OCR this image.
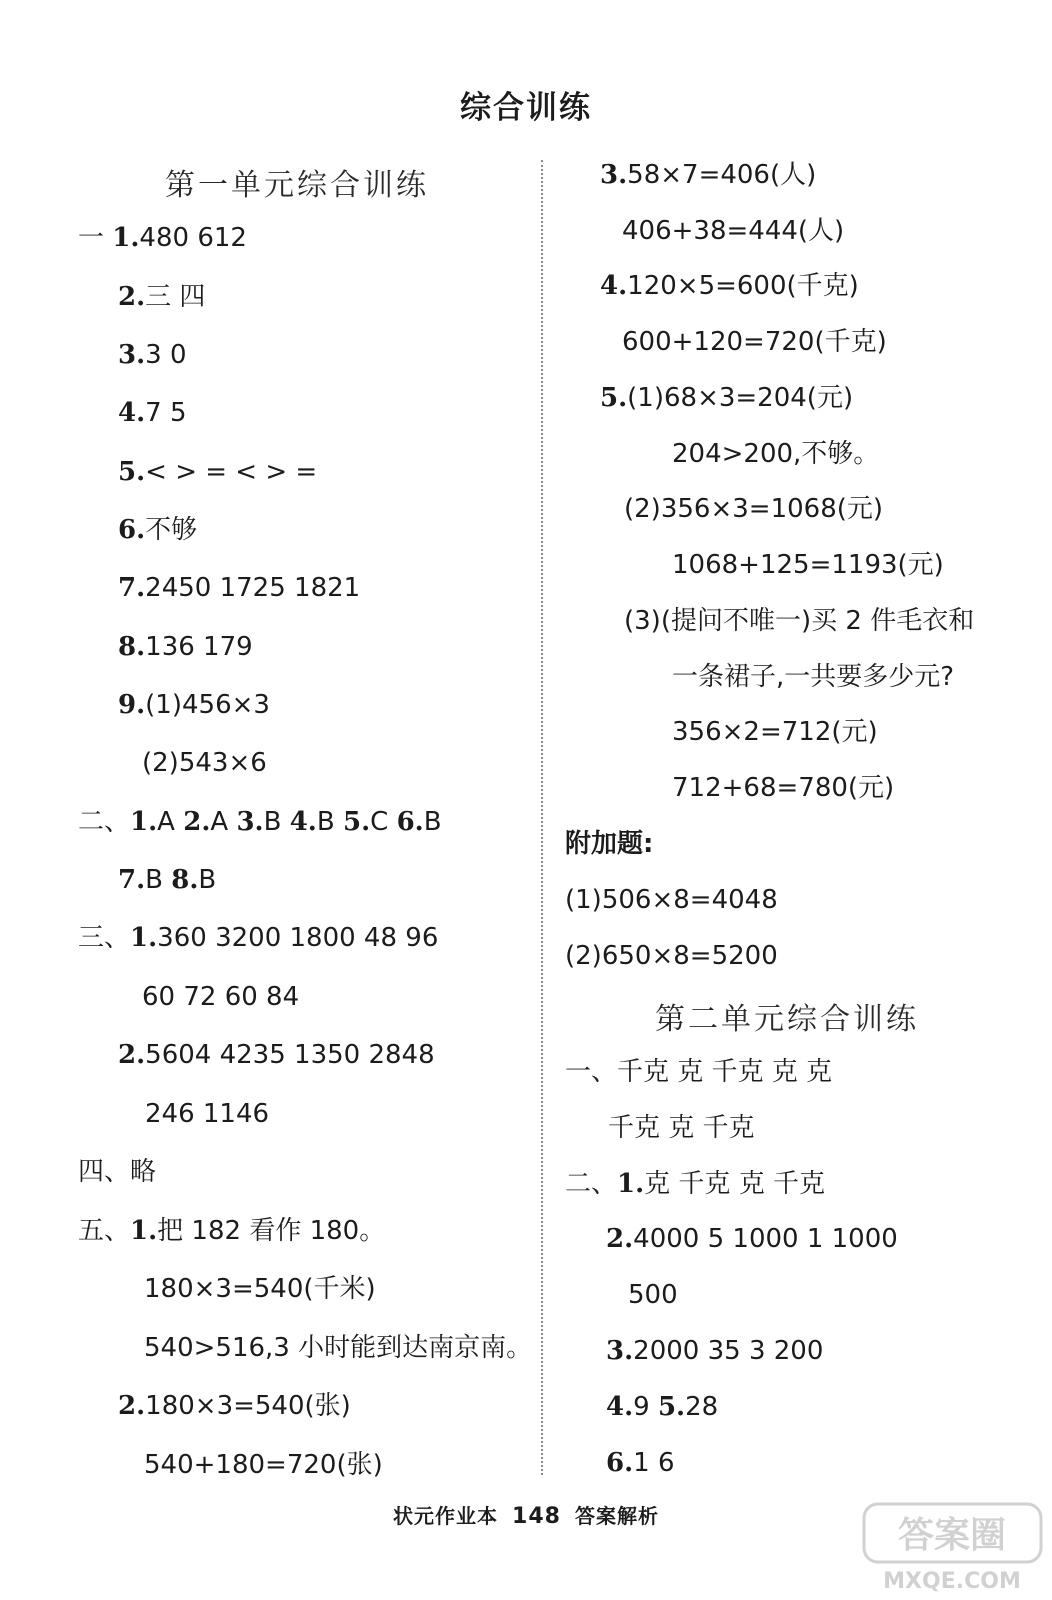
综合训练
第一单元综合训练
一 1.480 612
2.三 四
3.3 0
4.7 5
5.< > = < > =
6.不够
7.2450 1725 1821
8.136 179
9.(1)456×3
(2)543×6
二、1.A 2.A 3.B 4.B 5.C 6.B
7.B 8.B
三、1.360 3200 1800 48 96
60 72 60 84
2.5604 4235 1350 2848
246 1146
四、略
五、1.把 182 看作 180。
180×3=540(千米)
540>516,3 小时能到达南京南。
2.180×3=540(张)
540+180=720(张)
3.58×7=406(人)
406+38=444(人)
4.120×5=600(千克)
600+120=720(千克)
5.(1)68×3=204(元)
204>200,不够。
(2)356×3=1068(元)
1068+125=1193(元)
(3)(提问不唯一)买 2 件毛衣和
一条裙子,一共要多少元?
356×2=712(元)
712+68=780(元)
附加题:
(1)506×8=4048
(2)650×8=5200
第二单元综合训练
一、千克 克 千克 克 克
千克 克 千克
二、1.克 千克 克 千克
2.4000 5 1000 1 1000
500
3.2000 35 3 200
4.9 5.28
6.1 6
状元作业本 148 答案解析	答案圈
MXQE.COM
